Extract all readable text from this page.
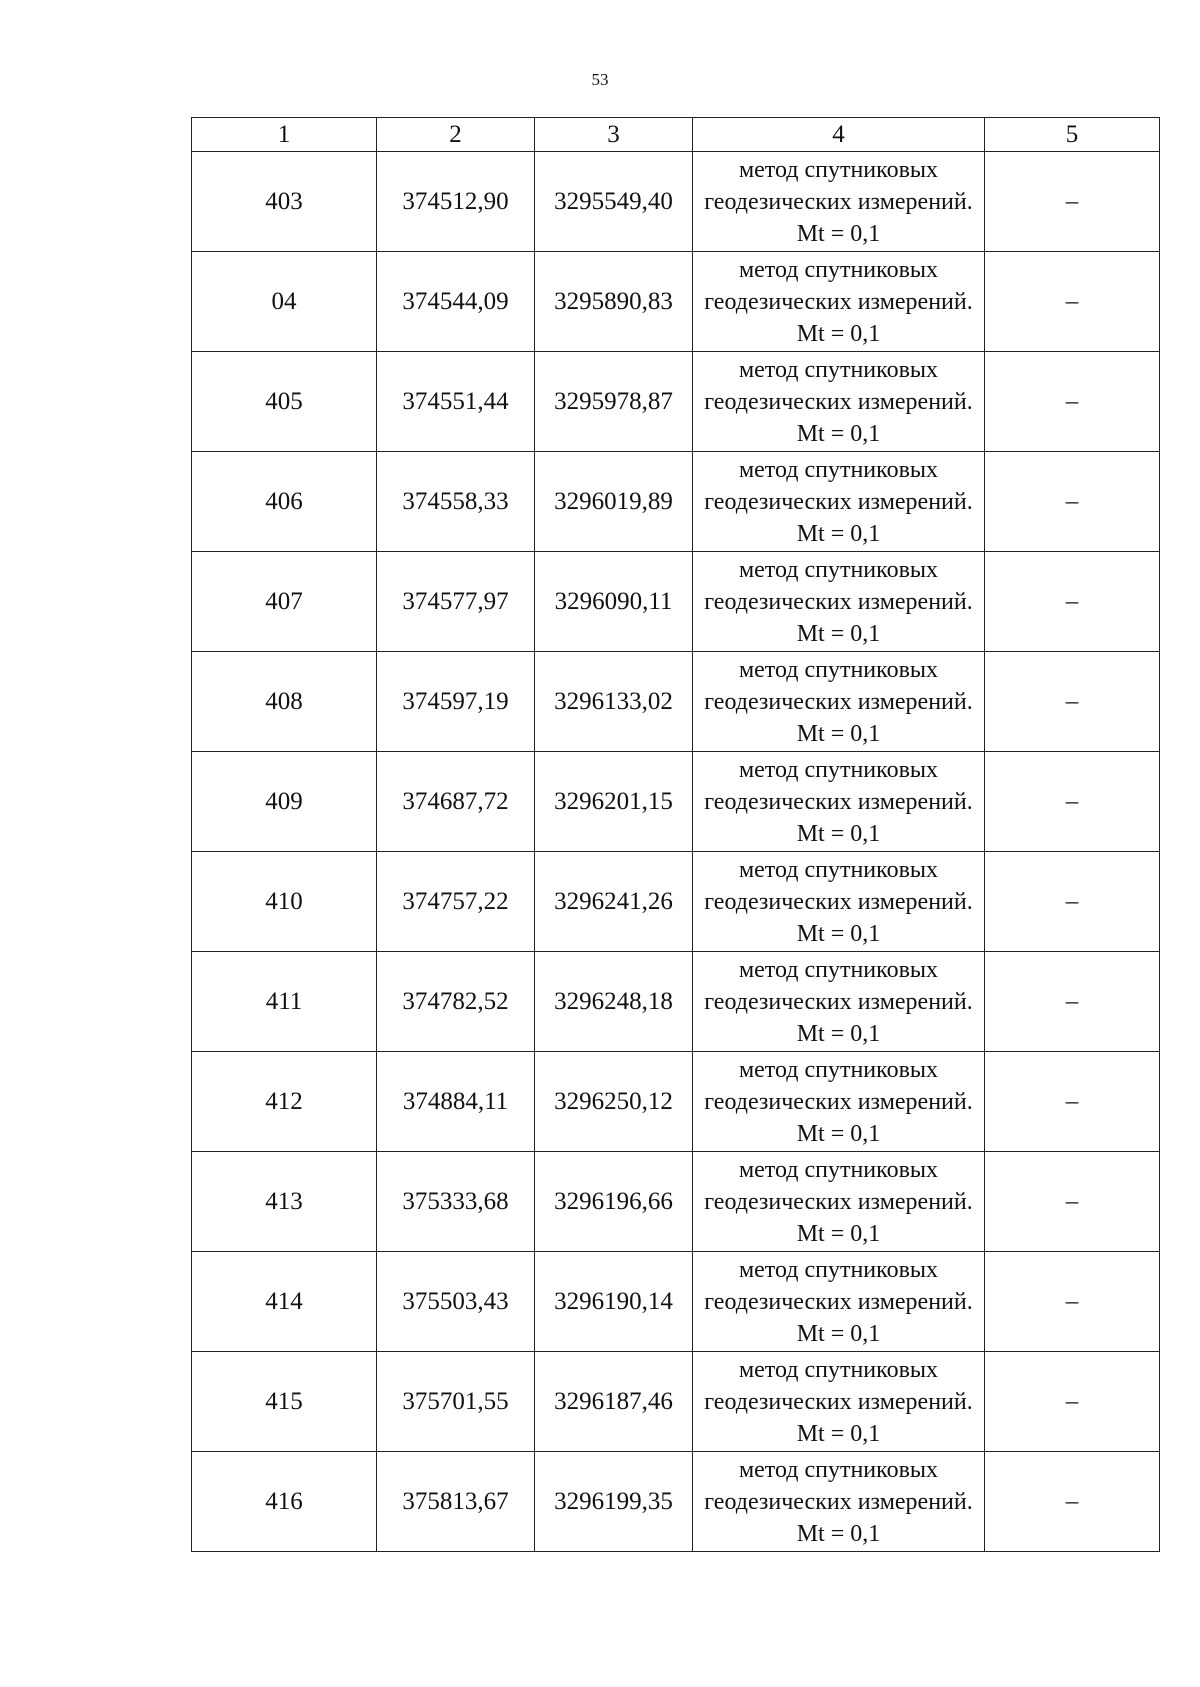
53
1	2	3	4	5
403	374512,90	3295549,40	метод спутниковых геодезических измерений. Mt = 0,1	–
04	374544,09	3295890,83	метод спутниковых геодезических измерений. Mt = 0,1	–
405	374551,44	3295978,87	метод спутниковых геодезических измерений. Mt = 0,1	–
406	374558,33	3296019,89	метод спутниковых геодезических измерений. Mt = 0,1	–
407	374577,97	3296090,11	метод спутниковых геодезических измерений. Mt = 0,1	–
408	374597,19	3296133,02	метод спутниковых геодезических измерений. Mt = 0,1	–
409	374687,72	3296201,15	метод спутниковых геодезических измерений. Mt = 0,1	–
410	374757,22	3296241,26	метод спутниковых геодезических измерений. Mt = 0,1	–
411	374782,52	3296248,18	метод спутниковых геодезических измерений. Mt = 0,1	–
412	374884,11	3296250,12	метод спутниковых геодезических измерений. Mt = 0,1	–
413	375333,68	3296196,66	метод спутниковых геодезических измерений. Mt = 0,1	–
414	375503,43	3296190,14	метод спутниковых геодезических измерений. Mt = 0,1	–
415	375701,55	3296187,46	метод спутниковых геодезических измерений. Mt = 0,1	–
416	375813,67	3296199,35	метод спутниковых геодезических измерений. Mt = 0,1	–
